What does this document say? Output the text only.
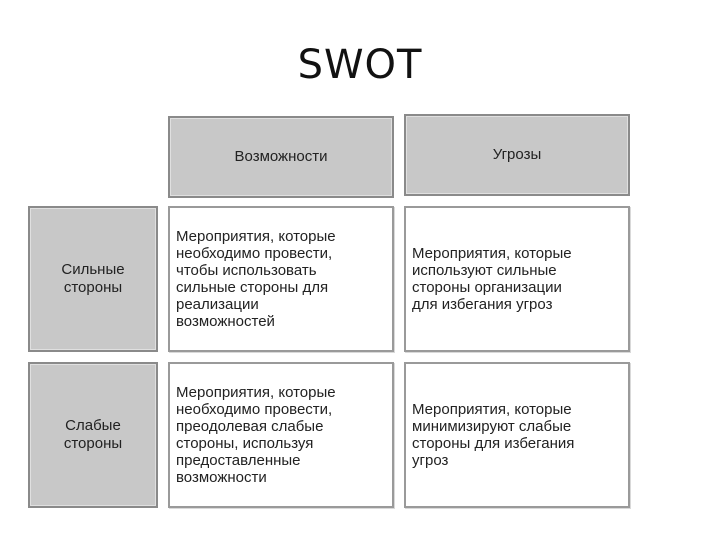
SWOT
Возможности	Угрозы
Сильные
стороны
Слабые
стороны
Мероприятия, которые
необходимо провести,
чтобы использовать
сильные стороны для
реализации
возможностей
Мероприятия, которые
используют сильные
стороны организации
для избегания угроз
Мероприятия, которые
необходимо провести,
преодолевая слабые
стороны, используя
предоставленные
возможности
Мероприятия, которые
минимизируют слабые
стороны для избегания
угроз
